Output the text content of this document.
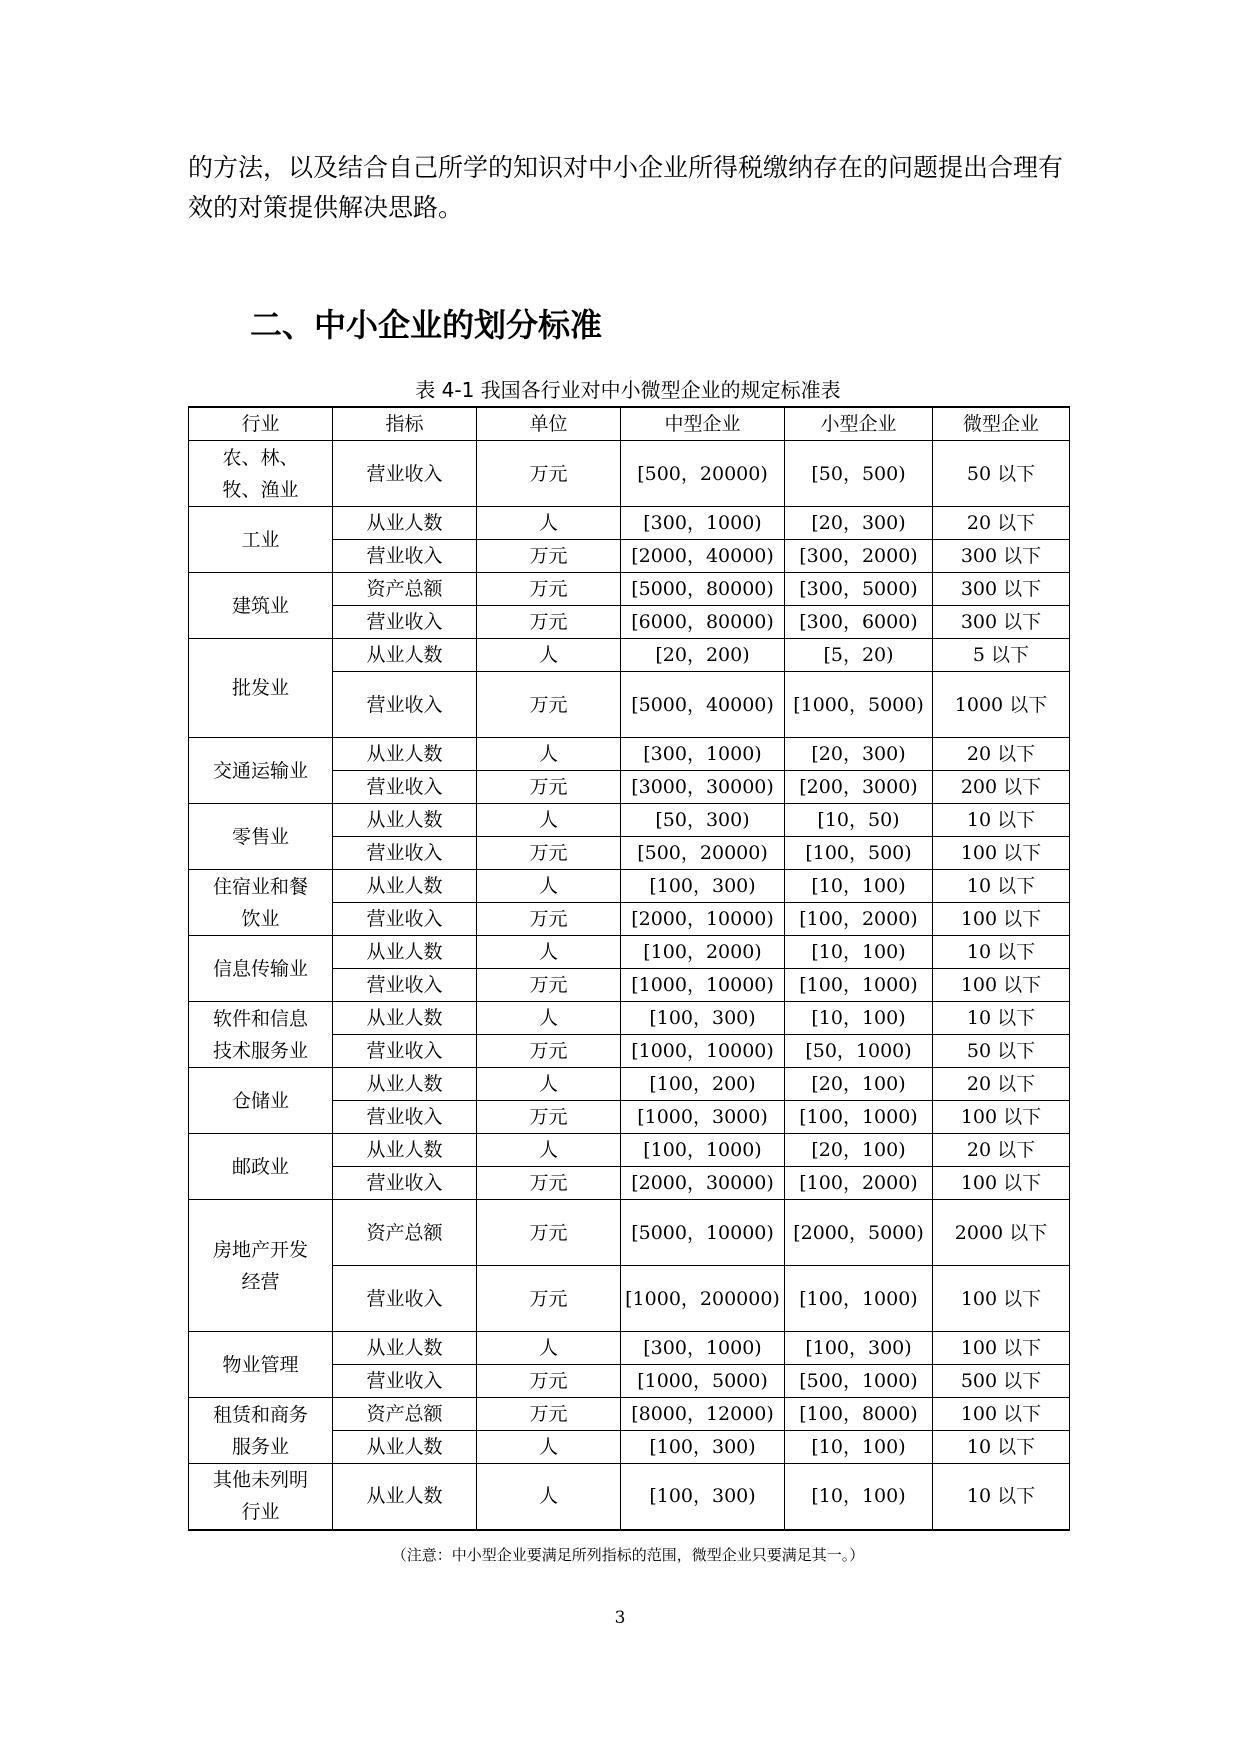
的方法，以及结合自己所学的知识对中小企业所得税缴纳存在的问题提出合理有效的对策提供解决思路。

二、中小企业的划分标准

表 4-1 我国各行业对中小微型企业的规定标准表

行业	指标	单位	中型企业	小型企业	微型企业
农、林、牧、渔业	营业收入	万元	[500，20000)	[50，500)	50 以下
工业	从业人数	人	[300，1000)	[20，300)	20 以下
	营业收入	万元	[2000，40000)	[300，2000)	300 以下
建筑业	资产总额	万元	[5000，80000)	[300，5000)	300 以下
	营业收入	万元	[6000，80000)	[300，6000)	300 以下
批发业	从业人数	人	[20，200)	[5，20)	5 以下
	营业收入	万元	[5000，40000)	[1000，5000)	1000 以下
交通运输业	从业人数	人	[300，1000)	[20，300)	20 以下
	营业收入	万元	[3000，30000)	[200，3000)	200 以下
零售业	从业人数	人	[50，300)	[10，50)	10 以下
	营业收入	万元	[500，20000)	[100，500)	100 以下
住宿业和餐饮业	从业人数	人	[100，300)	[10，100)	10 以下
	营业收入	万元	[2000，10000)	[100，2000)	100 以下
信息传输业	从业人数	人	[100，2000)	[10，100)	10 以下
	营业收入	万元	[1000，10000)	[100，1000)	100 以下
软件和信息技术服务业	从业人数	人	[100，300)	[10，100)	10 以下
	营业收入	万元	[1000，10000)	[50，1000)	50 以下
仓储业	从业人数	人	[100，200)	[20，100)	20 以下
	营业收入	万元	[1000，3000)	[100，1000)	100 以下
邮政业	从业人数	人	[100，1000)	[20，100)	20 以下
	营业收入	万元	[2000，30000)	[100，2000)	100 以下
房地产开发经营	资产总额	万元	[5000，10000)	[2000，5000)	2000 以下
	营业收入	万元	[1000，200000)	[100，1000)	100 以下
物业管理	从业人数	人	[300，1000)	[100，300)	100 以下
	营业收入	万元	[1000，5000)	[500，1000)	500 以下
租赁和商务服务业	资产总额	万元	[8000，12000)	[100，8000)	100 以下
	从业人数	人	[100，300)	[10，100)	10 以下
其他未列明行业	从业人数	人	[100，300)	[10，100)	10 以下

（注意：中小型企业要满足所列指标的范围，微型企业只要满足其一。）

3
